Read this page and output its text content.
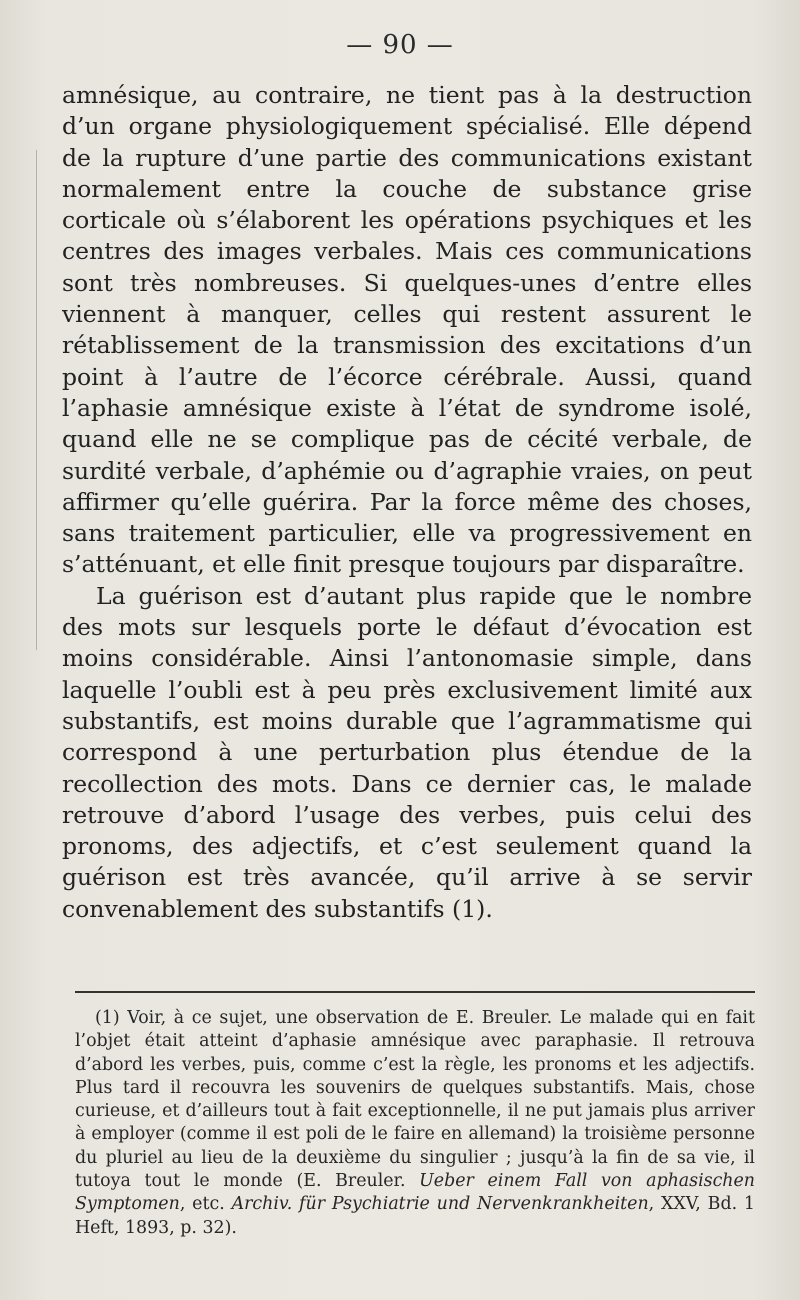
— 90 —

amnésique, au contraire, ne tient pas à la destruction d’un organe physiologiquement spécialisé. Elle dépend de la rupture d’une partie des communications existant normalement entre la couche de substance grise corticale où s’élaborent les opérations psychiques et les centres des images verbales. Mais ces communications sont très nombreuses. Si quelques-unes d’entre elles viennent à manquer, celles qui restent assurent le rétablissement de la transmission des excitations d’un point à l’autre de l’écorce cérébrale. Aussi, quand l’aphasie amnésique existe à l’état de syndrome isolé, quand elle ne se complique pas de cécité verbale, de surdité verbale, d’aphémie ou d’agraphie vraies, on peut affirmer qu’elle guérira. Par la force même des choses, sans traitement particulier, elle va progressivement en s’atténuant, et elle finit presque toujours par disparaître.

La guérison est d’autant plus rapide que le nombre des mots sur lesquels porte le défaut d’évocation est moins considérable. Ainsi l’antonomasie simple, dans laquelle l’oubli est à peu près exclusivement limité aux substantifs, est moins durable que l’agrammatisme qui correspond à une perturbation plus étendue de la recollection des mots. Dans ce dernier cas, le malade retrouve d’abord l’usage des verbes, puis celui des pronoms, des adjectifs, et c’est seulement quand la guérison est très avancée, qu’il arrive à se servir convenablement des substantifs (1).

(1) Voir, à ce sujet, une observation de E. Breuler. Le malade qui en fait l’objet était atteint d’aphasie amnésique avec paraphasie. Il retrouva d’abord les verbes, puis, comme c’est la règle, les pronoms et les adjectifs. Plus tard il recouvra les souvenirs de quelques substantifs. Mais, chose curieuse, et d’ailleurs tout à fait exceptionnelle, il ne put jamais plus arriver à employer (comme il est poli de le faire en allemand) la troisième personne du pluriel au lieu de la deuxième du singulier ; jusqu’à la fin de sa vie, il tutoya tout le monde (E. Breuler. Ueber einem Fall von aphasischen Symptomen, etc. Archiv. für Psychiatrie und Nervenkrankheiten, XXV, Bd. 1 Heft, 1893, p. 32).
